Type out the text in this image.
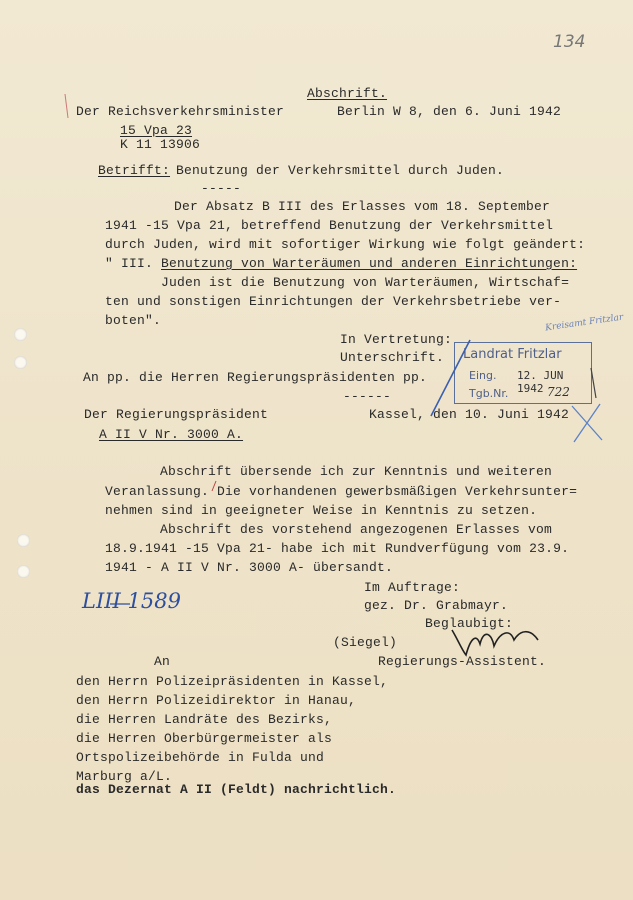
134
Abschrift.
Der Reichsverkehrsminister	Berlin W 8, den 6. Juni 1942
15 Vpa 23
K 11 13906
Betrifft: Benutzung der Verkehrsmittel durch Juden.
-----
Der Absatz B III des Erlasses vom 18. September
1941 -15 Vpa 21, betreffend Benutzung der Verkehrsmittel
durch Juden, wird mit sofortiger Wirkung wie folgt geändert:
" III. Benutzung von Warteräumen und anderen Einrichtungen:
Juden ist die Benutzung von Warteräumen, Wirtschaf=
ten und sonstigen Einrichtungen der Verkehrsbetriebe ver-
boten".
In Vertretung:
Unterschrift.
An pp. die Herren Regierungspräsidenten pp.
------
Der Regierungspräsident	Kassel, den 10. Juni 1942
A II V Nr. 3000 A.
Abschrift übersende ich zur Kenntnis und weiteren
Veranlassung. Die vorhandenen gewerbsmäßigen Verkehrsunter=
nehmen sind in geeigneter Weise in Kenntnis zu setzen.
Abschrift des vorstehend angezogenen Erlasses vom
18.9.1941 -15 Vpa 21- habe ich mit Rundverfügung vom 23.9.
1941 - A II V Nr. 3000 A- übersandt.
Im Auftrage:
gez. Dr. Grabmayr.
Beglaubigt:
(Siegel)
Regierungs-Assistent.
LIII 1589
An
den Herrn Polizeipräsidenten in Kassel,
den Herrn Polizeidirektor in Hanau,
die Herren Landräte des Bezirks,
die Herren Oberbürgermeister als
Ortspolizeibehörde in Fulda und
Marburg a/L.
das Dezernat A II (Feldt) nachrichtlich.
Landrat Fritzlar
Eing. 12. JUN 1942
Tgb.Nr.	722
Kreisamt Fritzlar
